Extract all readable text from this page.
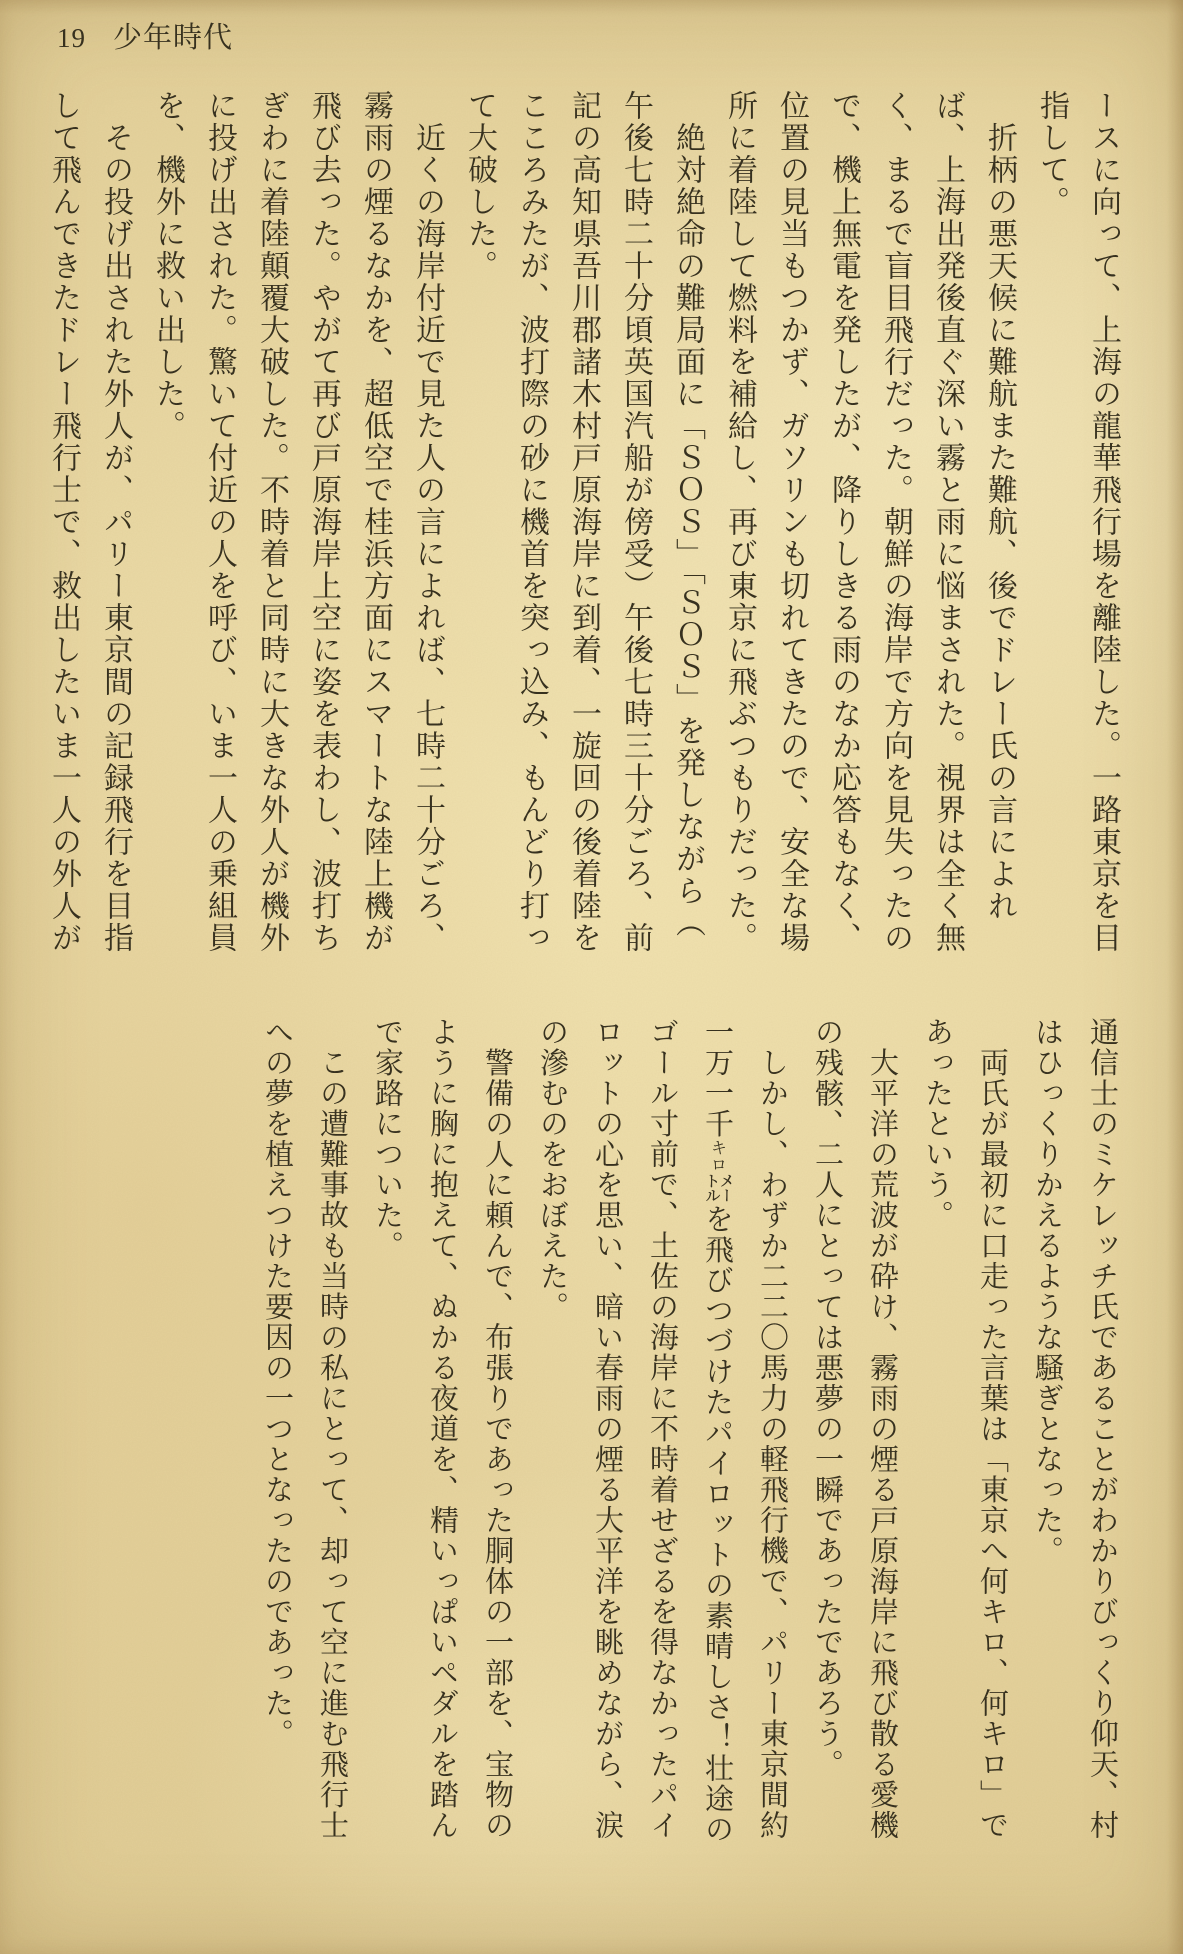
19 少年時代
ースに向って、上海の龍華飛行場を離陸した。一路東京を目
指して。
　折柄の悪天候に難航また難航、後でドレー氏の言によれ
ば、上海出発後直ぐ深い霧と雨に悩まされた。視界は全く無
く、まるで盲目飛行だった。朝鮮の海岸で方向を見失ったの
で、機上無電を発したが、降りしきる雨のなか応答もなく、
位置の見当もつかず、ガソリンも切れてきたので、安全な場
所に着陸して燃料を補給し、再び東京に飛ぶつもりだった。
　絶対絶命の難局面に「ＳＯＳ」「ＳＯＳ」を発しながら（
午後七時二十分頃英国汽船が傍受）午後七時三十分ごろ、前
記の高知県吾川郡諸木村戸原海岸に到着、一旋回の後着陸を
こころみたが、波打際の砂に機首を突っ込み、もんどり打っ
て大破した。
　近くの海岸付近で見た人の言によれば、七時二十分ごろ、
霧雨の煙るなかを、超低空で桂浜方面にスマートな陸上機が
飛び去った。やがて再び戸原海岸上空に姿を表わし、波打ち
ぎわに着陸顛覆大破した。不時着と同時に大きな外人が機外
に投げ出された。驚いて付近の人を呼び、いま一人の乗組員
を、機外に救い出した。
　その投げ出された外人が、パリー東京間の記録飛行を目指
して飛んできたドレー飛行士で、救出したいま一人の外人が
通信士のミケレッチ氏であることがわかりびっくり仰天、村
はひっくりかえるような騒ぎとなった。
　両氏が最初に口走った言葉は「東京へ何キロ、何キロ」で
あったという。
　大平洋の荒波が砕け、霧雨の煙る戸原海岸に飛び散る愛機
の残骸、二人にとっては悪夢の一瞬であったであろう。
　しかし、わずか二二〇馬力の軽飛行機で、パリー東京間約
一万一千キロ㍍を飛びつづけたパイロットの素晴しさ！壮途の
ゴール寸前で、土佐の海岸に不時着せざるを得なかったパイ
ロットの心を思い、暗い春雨の煙る大平洋を眺めながら、涙
の滲むのをおぼえた。
　警備の人に頼んで、布張りであった胴体の一部を、宝物の
ように胸に抱えて、ぬかる夜道を、精いっぱいペダルを踏ん
で家路についた。
　この遭難事故も当時の私にとって、却って空に進む飛行士
への夢を植えつけた要因の一つとなったのであった。
